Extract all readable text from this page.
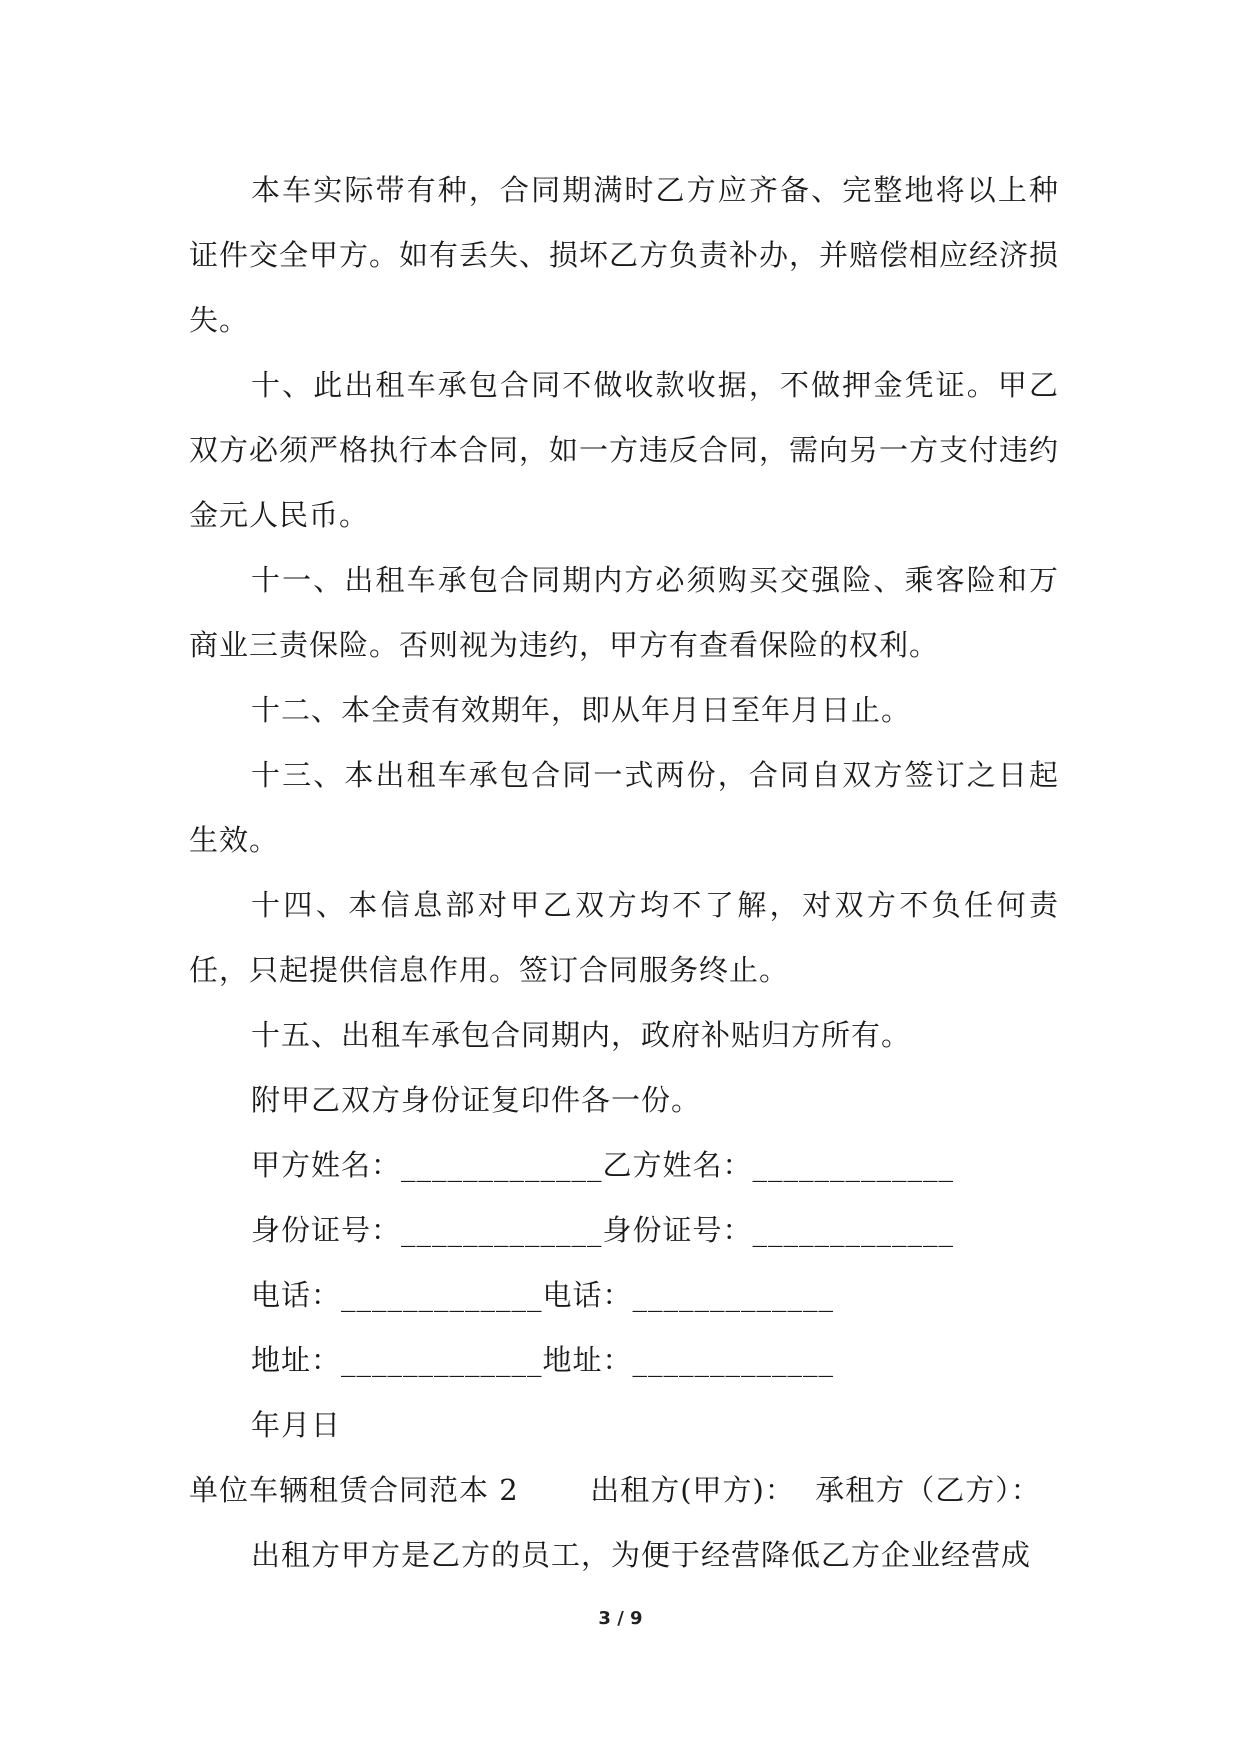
本车实际带有种，合同期满时乙方应齐备、完整地将以上种证件交全甲方。如有丢失、损坏乙方负责补办，并赔偿相应经济损失。

十、此出租车承包合同不做收款收据，不做押金凭证。甲乙双方必须严格执行本合同，如一方违反合同，需向另一方支付违约金元人民币。

十一、出租车承包合同期内方必须购买交强险、乘客险和万商业三责保险。否则视为违约，甲方有查看保险的权利。

十二、本全责有效期年，即从年月日至年月日止。

十三、本出租车承包合同一式两份，合同自双方签订之日起生效。

十四、本信息部对甲乙双方均不了解，对双方不负任何责任，只起提供信息作用。签订合同服务终止。

十五、出租车承包合同期内，政府补贴归方所有。

附甲乙双方身份证复印件各一份。

甲方姓名：_____________乙方姓名：_____________

身份证号：_____________身份证号：_____________

电话：_____________电话：_____________

地址：_____________地址：_____________

年月日

单位车辆租赁合同范本 2       出租方(甲方)：  承租方（乙方）：

出租方甲方是乙方的员工，为便于经营降低乙方企业经营成

3 / 9
